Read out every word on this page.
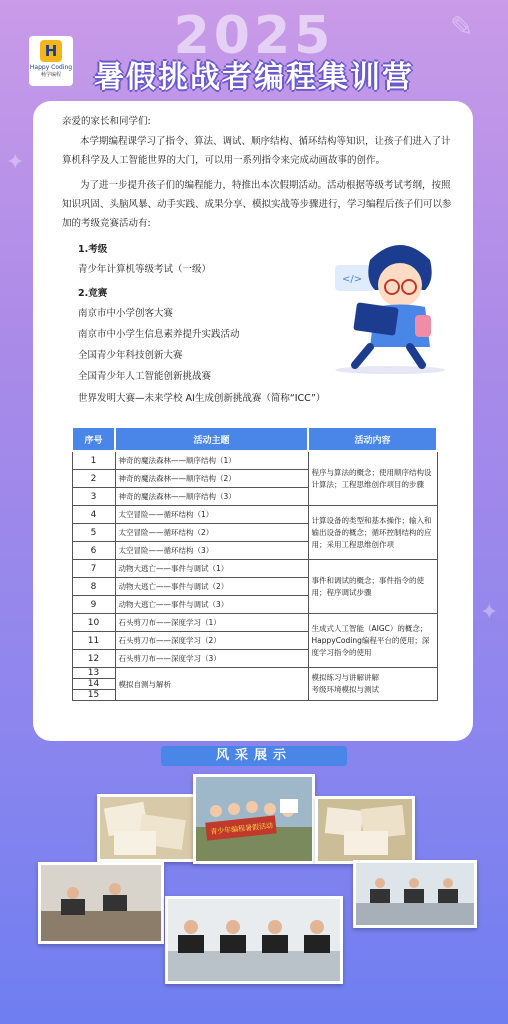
✎
✦
✦
2025
暑假挑战者编程集训营
H
Happy Coding
畅学编程
亲爱的家长和同学们:
本学期编程课学习了指令、算法、调试、顺序结构、循环结构等知识，让孩子们进入了计算机科学及人工智能世界的大门，可以用一系列指令来完成动画故事的创作。
为了进一步提升孩子们的编程能力，特推出本次假期活动。活动根据等级考试考纲，按照知识巩固、头脑风暴、动手实践、成果分享、模拟实战等步骤进行，学习编程后孩子们可以参加的考级竞赛活动有:
1.考级
青少年计算机等级考试（一级）
2.竞赛
南京市中小学创客大赛
南京市中小学生信息素养提升实践活动
全国青少年科技创新大赛
全国青少年人工智能创新挑战赛
世界发明大赛—未来学校 AI生成创新挑战赛（简称“ICC”）
</>
序号	活动主题	活动内容
1	神奇的魔法森林——顺序结构（1）	程序与算法的概念；使用顺序结构设计算法；工程思维创作项目的步骤
2	神奇的魔法森林——顺序结构（2）	
3	神奇的魔法森林——顺序结构（3）	
4	太空冒险——循环结构（1）	计算设备的类型和基本操作；输入和输出设备的概念；循环控制结构的应用；采用工程思维创作项
5	太空冒险——循环结构（2）	
6	太空冒险——循环结构（3）	
7	动物大逃亡——事件与调试（1）	事件和调试的概念；事件指令的使用；程序调试步骤
8	动物大逃亡——事件与调试（2）	
9	动物大逃亡——事件与调试（3）	
10	石头剪刀布——深度学习（1）	生成式人工智能（AIGC）的概念；HappyCoding编程平台的使用；深度学习指令的使用
11	石头剪刀布——深度学习（2）	
12	石头剪刀布——深度学习（3）	
13	模拟自测与解析	模拟练习与讲解讲解
考级环境模拟与测试
14		
15		
风采展示
青少年编程暑假活动
